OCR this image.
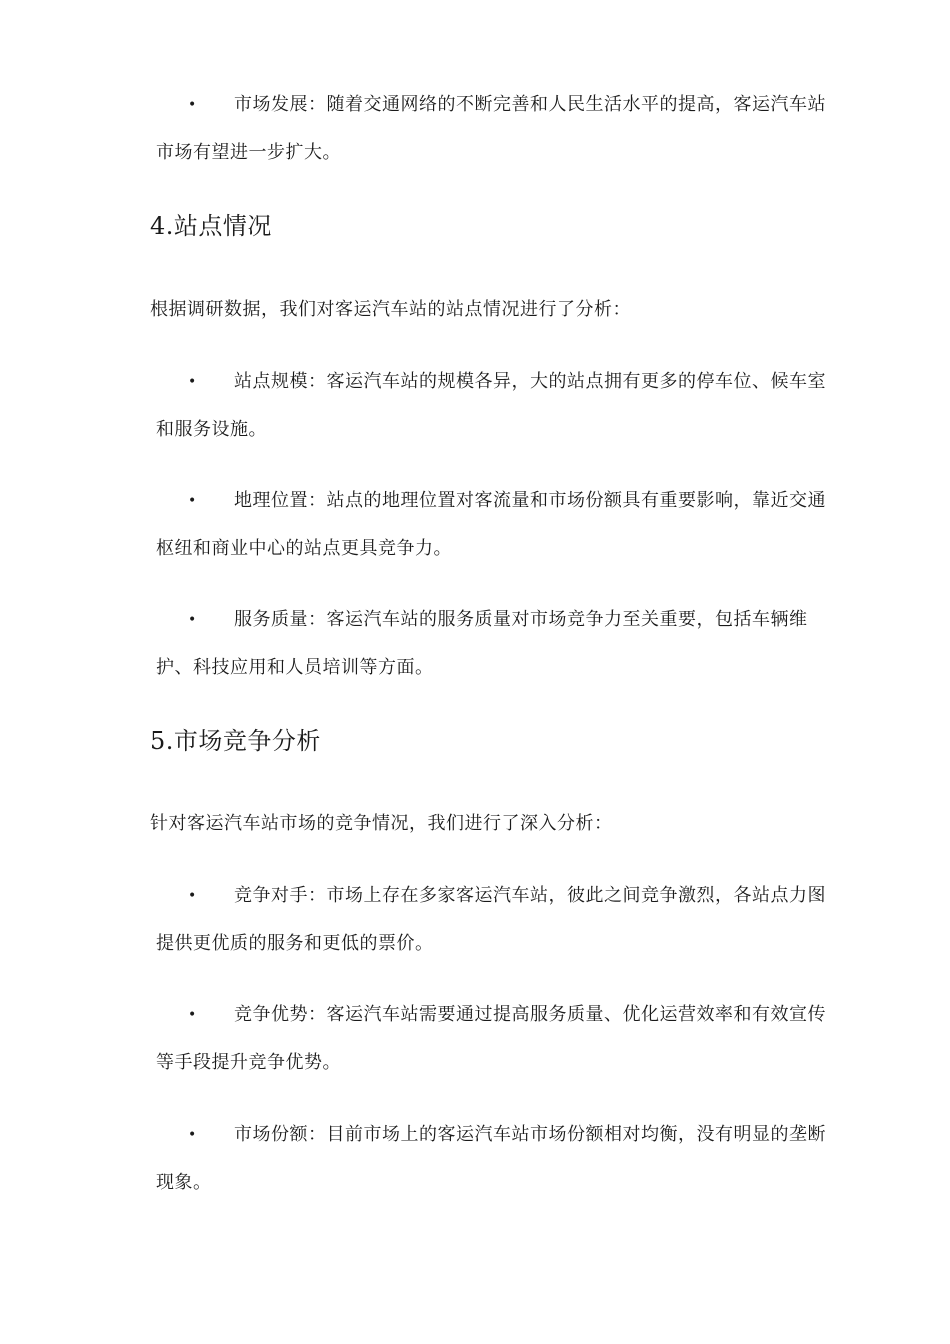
•	市场发展：随着交通网络的不断完善和人民生活水平的提高，客运汽车站市场有望进一步扩大。
4.站点情况
根据调研数据，我们对客运汽车站的站点情况进行了分析：
•	站点规模：客运汽车站的规模各异，大的站点拥有更多的停车位、候车室和服务设施。
•	地理位置：站点的地理位置对客流量和市场份额具有重要影响，靠近交通枢纽和商业中心的站点更具竞争力。
•	服务质量：客运汽车站的服务质量对市场竞争力至关重要，包括车辆维护、科技应用和人员培训等方面。
5.市场竞争分析
针对客运汽车站市场的竞争情况，我们进行了深入分析：
•	竞争对手：市场上存在多家客运汽车站，彼此之间竞争激烈，各站点力图提供更优质的服务和更低的票价。
•	竞争优势：客运汽车站需要通过提高服务质量、优化运营效率和有效宣传等手段提升竞争优势。
•	市场份额：目前市场上的客运汽车站市场份额相对均衡，没有明显的垄断现象。
